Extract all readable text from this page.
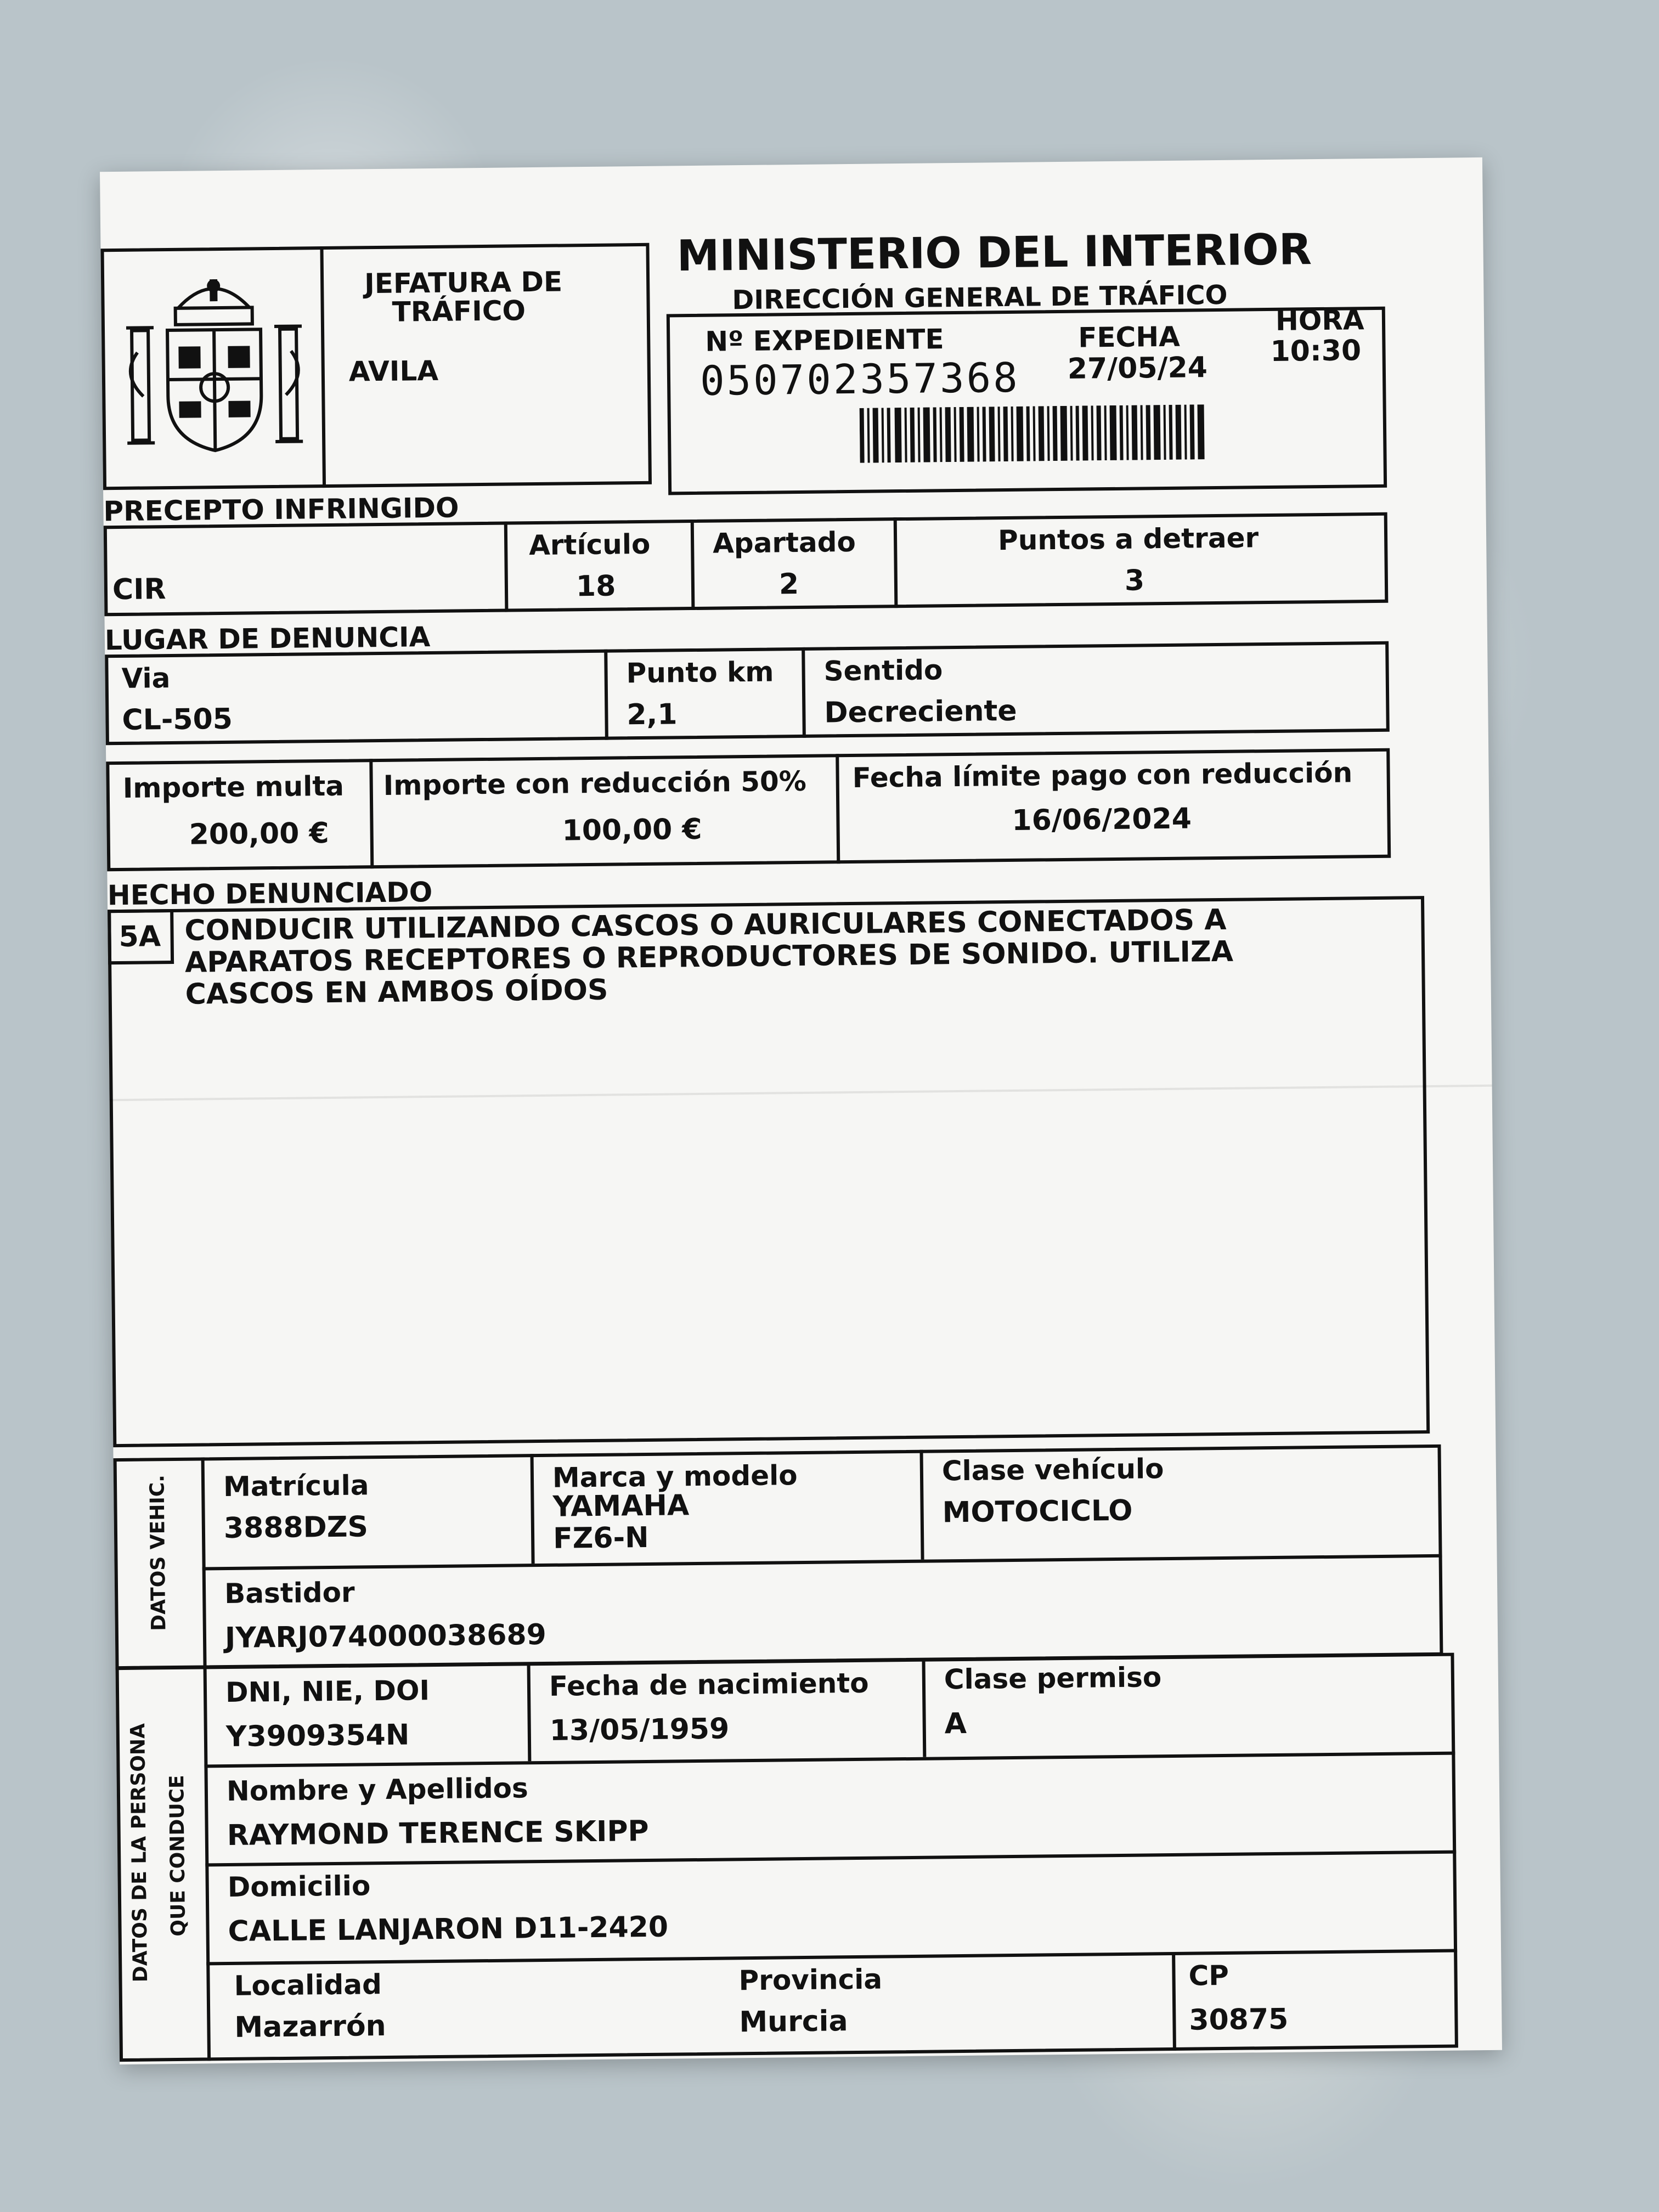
JEFATURA DE
TRÁFICO
AVILA
MINISTERIO DEL INTERIOR
DIRECCIÓN GENERAL DE TRÁFICO
Nº EXPEDIENTE
050702357368
FECHA
27/05/24
HORA
10:30
PRECEPTO INFRINGIDO
CIR
Artículo
18
Apartado
2
Puntos a detraer
3
LUGAR DE DENUNCIA
Via
CL-505
Punto km
2,1
Sentido
Decreciente
Importe multa
200,00 €
Importe con reducción 50%
100,00 €
Fecha límite pago con reducción
16/06/2024
HECHO DENUNCIADO
5A CONDUCIR UTILIZANDO CASCOS O AURICULARES CONECTADOS A
APARATOS RECEPTORES O REPRODUCTORES DE SONIDO. UTILIZA
CASCOS EN AMBOS OÍDOS
DATOS VEHIC. Matrícula
3888DZS
Marca y modelo
YAMAHA
FZ6-N
Clase vehículo
MOTOCICLO
Bastidor
JYARJ074000038689
DATOS DE LA PERSONA QUE CONDUCE
DNI, NIE, DOI
Y3909354N
Fecha de nacimiento
13/05/1959
Clase permiso
A
Nombre y Apellidos
RAYMOND TERENCE SKIPP
Domicilio
CALLE LANJARON D11-2420
Localidad
Mazarrón
Provincia
Murcia
CP
30875
